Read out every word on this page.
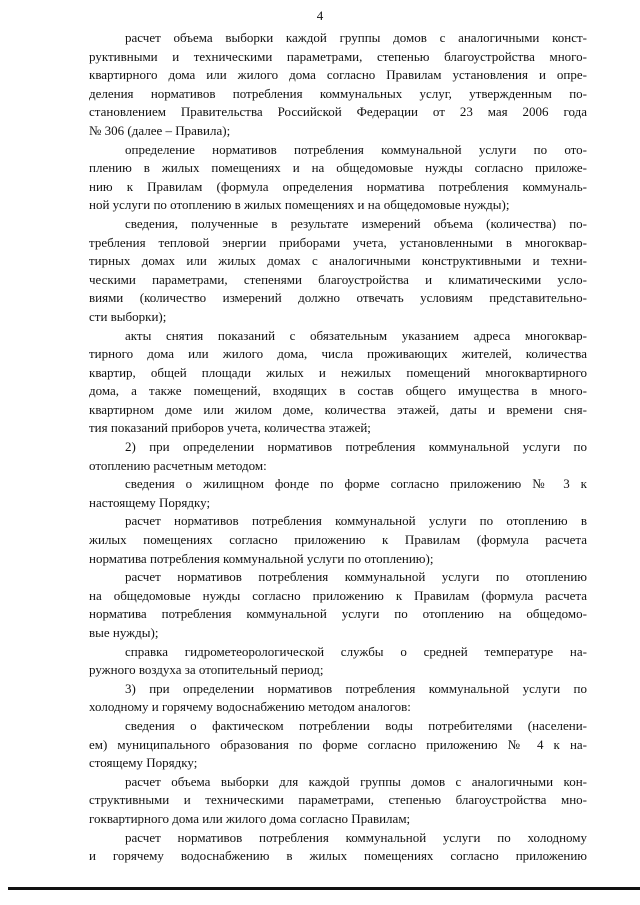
4
расчет объема выборки каждой группы домов с аналогичными конст-
руктивными и техническими параметрами, степенью благоустройства много-
квартирного дома или жилого дома согласно Правилам установления и опре-
деления нормативов потребления коммунальных услуг, утвержденным по-
становлением Правительства Российской Федерации от 23 мая 2006 года
№ 306 (далее – Правила);
определение нормативов потребления коммунальной услуги по ото-
плению в жилых помещениях и на общедомовые нужды согласно приложе-
нию к Правилам (формула определения норматива потребления коммуналь-
ной услуги по отоплению в жилых помещениях и на общедомовые нужды);
сведения, полученные в результате измерений объема (количества) по-
требления тепловой энергии приборами учета, установленными в многоквар-
тирных домах или жилых домах с аналогичными конструктивными и техни-
ческими параметрами, степенями благоустройства и климатическими усло-
виями (количество измерений должно отвечать условиям представительно-
сти выборки);
акты снятия показаний с обязательным указанием адреса многоквар-
тирного дома или жилого дома, числа проживающих жителей, количества
квартир, общей площади жилых и нежилых помещений многоквартирного
дома, а также помещений, входящих в состав общего имущества в много-
квартирном доме или жилом доме, количества этажей, даты и времени сня-
тия показаний приборов учета, количества этажей;
2) при определении нормативов потребления коммунальной услуги по
отоплению расчетным методом:
сведения о жилищном фонде по форме согласно приложению № 3 к
настоящему Порядку;
расчет нормативов потребления коммунальной услуги по отоплению в
жилых помещениях согласно приложению к Правилам (формула расчета
норматива потребления коммунальной услуги по отоплению);
расчет нормативов потребления коммунальной услуги по отоплению
на общедомовые нужды согласно приложению к Правилам (формула расчета
норматива потребления коммунальной услуги по отоплению на общедомо-
вые нужды);
справка гидрометеорологической службы о средней температуре на-
ружного воздуха за отопительный период;
3) при определении нормативов потребления коммунальной услуги по
холодному и горячему водоснабжению методом аналогов:
сведения о фактическом потреблении воды потребителями (населени-
ем) муниципального образования по форме согласно приложению № 4 к на-
стоящему Порядку;
расчет объема выборки для каждой группы домов с аналогичными кон-
структивными и техническими параметрами, степенью благоустройства мно-
гоквартирного дома или жилого дома согласно Правилам;
расчет нормативов потребления коммунальной услуги по холодному
и горячему водоснабжению в жилых помещениях согласно приложению
